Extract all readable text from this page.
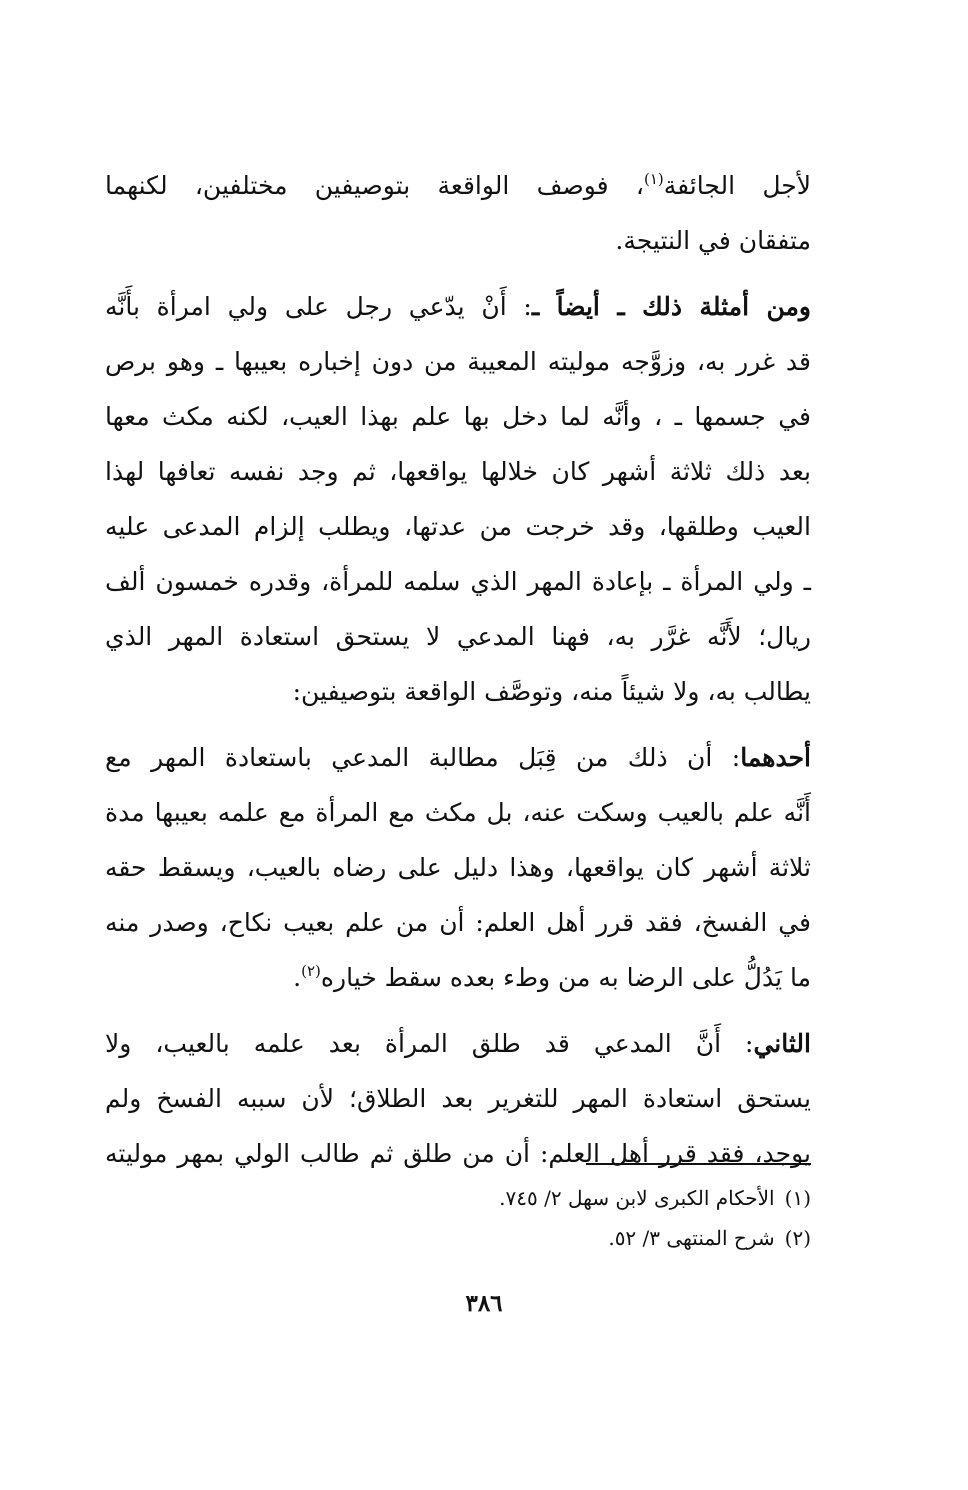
لأجل الجائفة$^{(١)}$، فوصف الواقعة بتوصيفين مختلفين، لكنهما
متفقان في النتيجة.
ومن أمثلة ذلك ـ أيضاً ـ: أَنْ يدّعي رجل على ولي امرأة بأَنَّه
قد غرر به، وزوَّجه موليته المعيبة من دون إخباره بعيبها ـ وهو برص
في جسمها ـ ، وأنَّه لما دخل بها علم بهذا العيب، لكنه مكث معها
بعد ذلك ثلاثة أشهر كان خلالها يواقعها، ثم وجد نفسه تعافها لهذا
العيب وطلقها، وقد خرجت من عدتها، ويطلب إلزام المدعى عليه
ـ ولي المرأة ـ بإعادة المهر الذي سلمه للمرأة، وقدره خمسون ألف
ريال؛ لأَنَّه غرَّر به، فهنا المدعي لا يستحق استعادة المهر الذي
يطالب به، ولا شيئاً منه، وتوصَّف الواقعة بتوصيفين:
أحدهما: أن ذلك من قِبَل مطالبة المدعي باستعادة المهر مع
أَنَّه علم بالعيب وسكت عنه، بل مكث مع المرأة مع علمه بعيبها مدة
ثلاثة أشهر كان يواقعها، وهذا دليل على رضاه بالعيب، ويسقط حقه
في الفسخ، فقد قرر أهل العلم: أن من علم بعيب نكاح، وصدر منه
ما يَدُلُّ على الرضا به من وطء بعده سقط خياره$^{(٢)}$.
الثاني: أَنَّ المدعي قد طلق المرأة بعد علمه بالعيب، ولا
يستحق استعادة المهر للتغرير بعد الطلاق؛ لأن سببه الفسخ ولم
يوجد، فقد قرر أهل العلم: أن من طلق ثم طالب الولي بمهر موليته
(١)الأحكام الكبرى لابن سهل ٢/ ٧٤٥.
(٢)شرح المنتهى ٣/ ٥٢.
٣٨٦
